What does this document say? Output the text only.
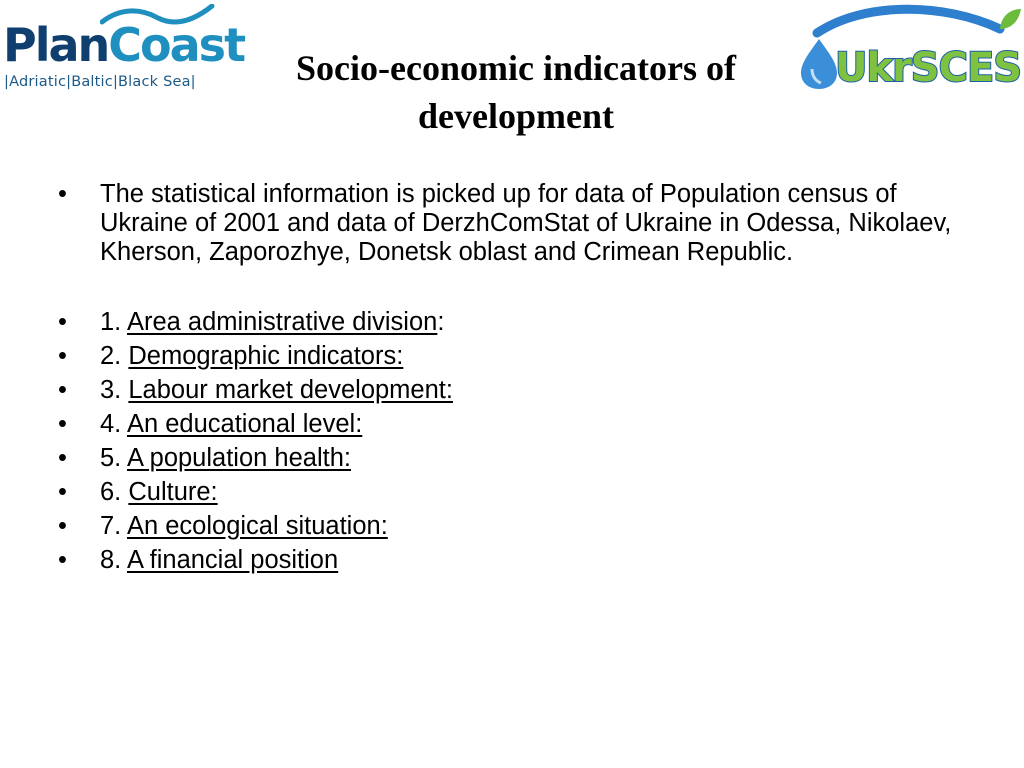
PlanCoast
|Adriatic|Baltic|Black Sea|	UkrSCES
Socio-economic indicators of development
• The statistical information is picked up for data of Population census of Ukraine of 2001 and data of DerzhComStat of Ukraine in Odessa, Nikolaev, Kherson, Zaporozhye, Donetsk oblast and Crimean Republic.
• 1. Area administrative division:
• 2. Demographic indicators:
• 3. Labour market development:
• 4. An educational level:
• 5. A population health:
• 6. Culture:
• 7. An ecological situation:
• 8. A financial position
